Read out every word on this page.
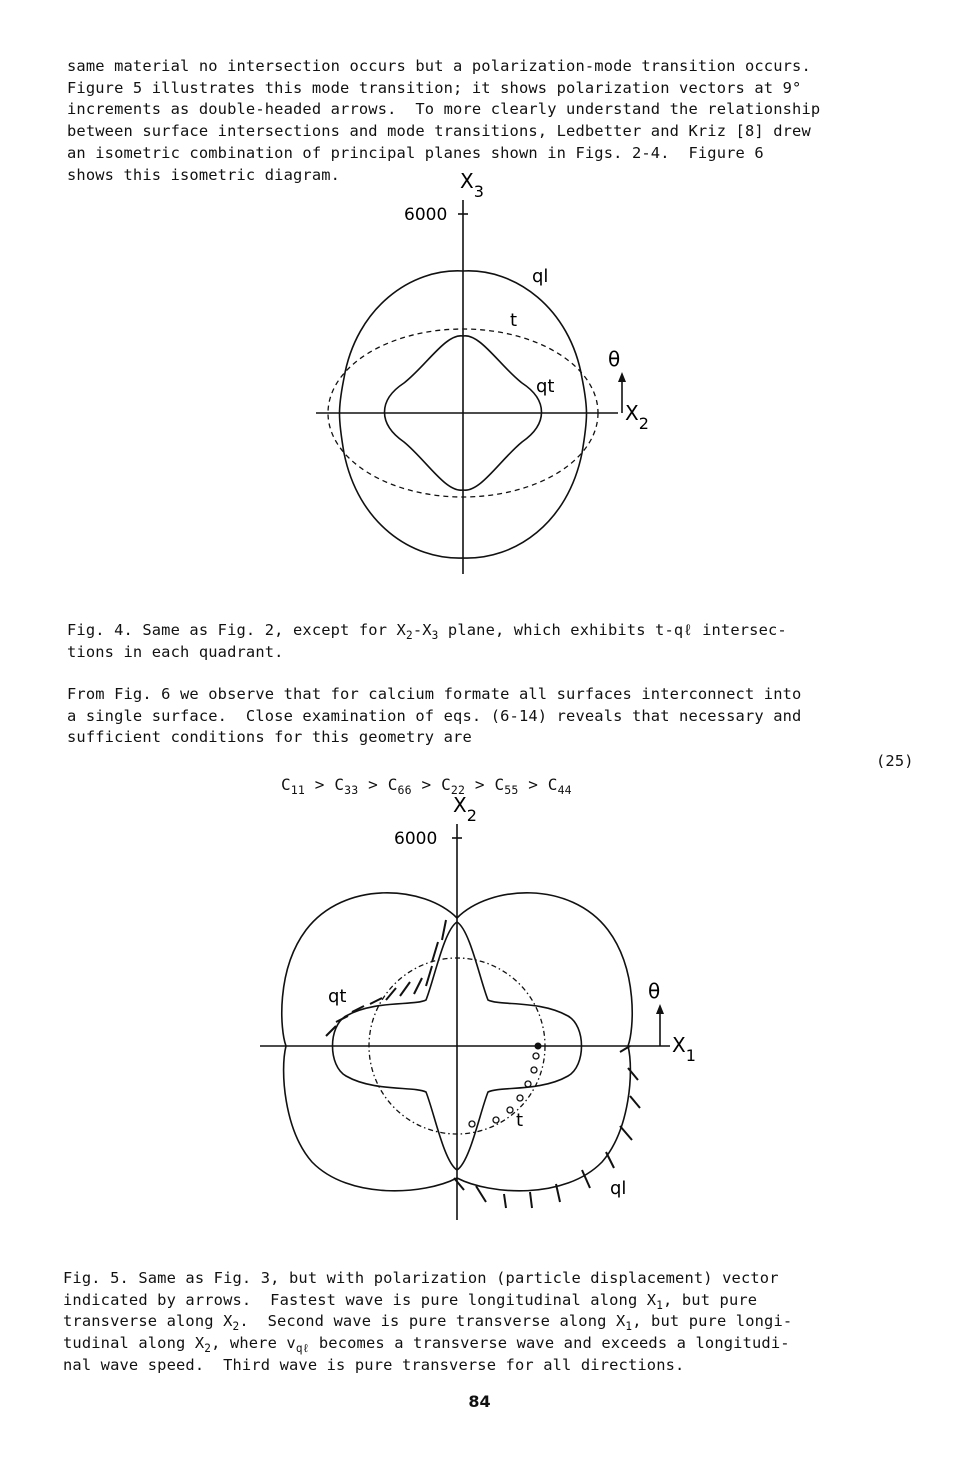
same material no intersection occurs but a polarization-mode transition occurs.
Figure 5 illustrates this mode transition; it shows polarization vectors at 9°
increments as double-headed arrows.  To more clearly understand the relationship
between surface intersections and mode transitions, Ledbetter and Kriz [8] drew
an isometric combination of principal planes shown in Figs. 2-4.  Figure 6
shows this isometric diagram.	$X_3$
6000
ql
t
qt
θ
$X_2$

Fig. 4. Same as Fig. 2, except for $X_2-X_3$ plane, which exhibits t-qℓ intersec-
tions in each quadrant.

From Fig. 6 we observe that for calcium formate all surfaces interconnect into
a single surface.  Close examination of eqs. (6-14) reveals that necessary and
sufficient conditions for this geometry are

$C_{11} > C_{33} > C_{66} > C_{22} > C_{55} > C_{44}$

(25)
$X_2$
6000
qt
t
ql
θ
$X_1$

Fig. 5. Same as Fig. 3, but with polarization (particle displacement) vector
indicated by arrows.  Fastest wave is pure longitudinal along $X_1$, but pure
transverse along $X_2$.  Second wave is pure transverse along $X_1$, but pure longi-
tudinal along $X_2$, where $v_{q\ell}$ becomes a transverse wave and exceeds a longitudi-
nal wave speed.  Third wave is pure transverse for all directions.

84
